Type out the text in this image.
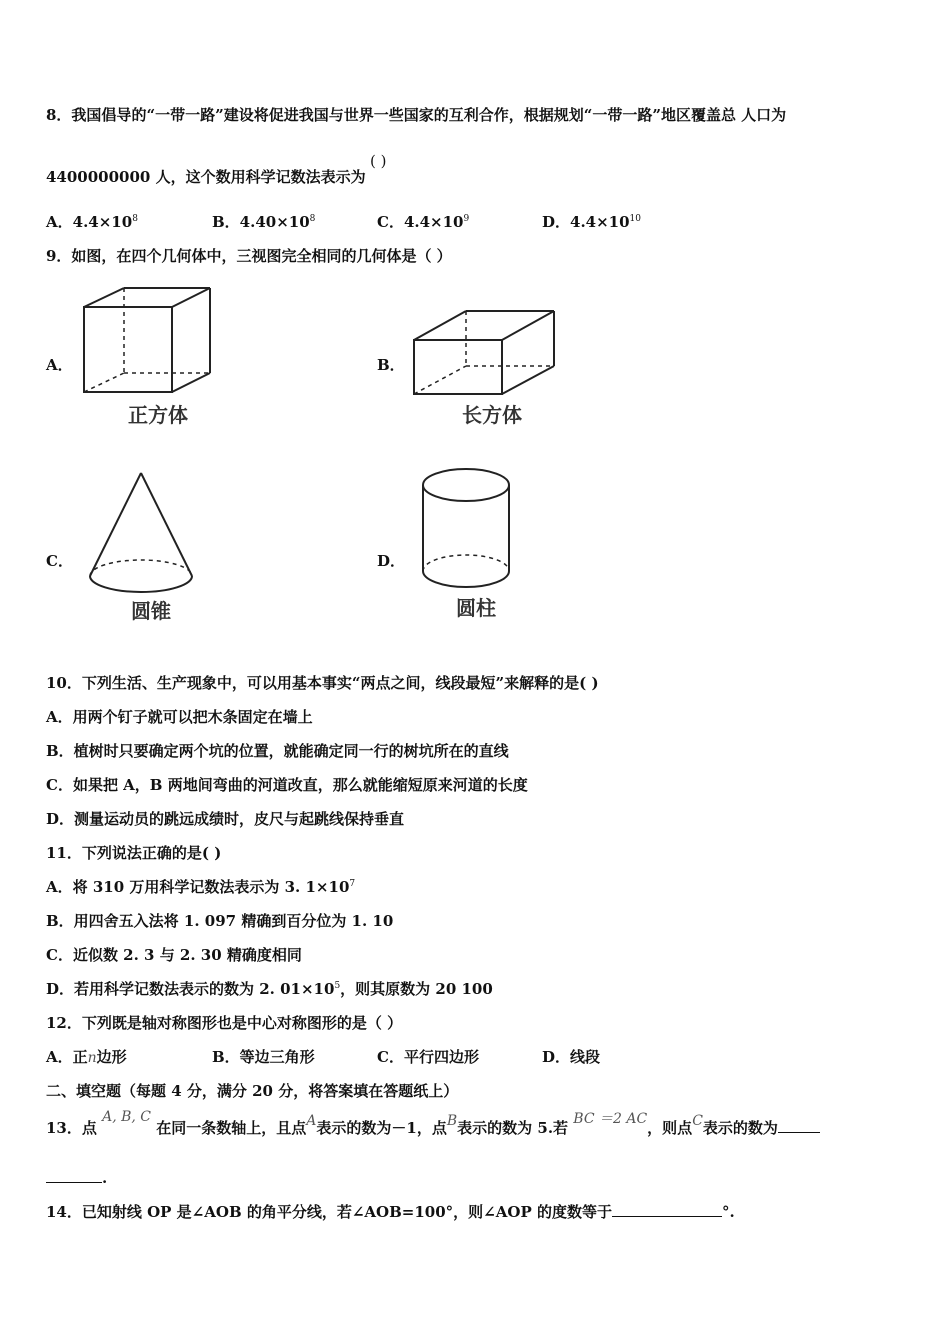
8．我国倡导的“一带一路”建设将促进我国与世界一些国家的互利合作，根据规划“一带一路”地区覆盖总 人口为
4400000000 人，这个数用科学记数法表示为
( )
A．$4.4\times 10^8$	B．$4.40\times 10^8$	C．$4.4\times 10^9$	D．$4.4\times 10^{10}$
9．如图，在四个几何体中，三视图完全相同的几何体是（ ）
A．
正方体
B．
长方体
C．
圆锥
D．
圆柱
10．下列生活、生产现象中，可以用基本事实“两点之间，线段最短”来解释的是( )
A．用两个钉子就可以把木条固定在墙上
B．植树时只要确定两个坑的位置，就能确定同一行的树坑所在的直线
C．如果把 A，B 两地间弯曲的河道改直，那么就能缩短原来河道的长度
D．测量运动员的跳远成绩时，皮尺与起跳线保持垂直
11．下列说法正确的是( )
A．将 310 万用科学记数法表示为 3. $1\times 10^7$
B．用四舍五入法将 1. 097 精确到百分位为 1. 10
C．近似数 2. 3 与 2. 30 精确度相同
D．若用科学记数法表示的数为 2. $01\times 10^5$，则其原数为 20 100
12．下列既是轴对称图形也是中心对称图形的是（ ）
A．正n边形	B．等边三角形	C．平行四边形	D．线段
二、填空题（每题 4 分，满分 20 分，将答案填在答题纸上）
13．点 A, B, C 在同一条数轴上，且点A表示的数为－1，点B表示的数为 5.若 BC ＝2 AC，则点C表示的数为
.
14．已知射线 OP 是∠AOB 的角平分线，若∠AOB=100°，则∠AOP 的度数等于	°.
